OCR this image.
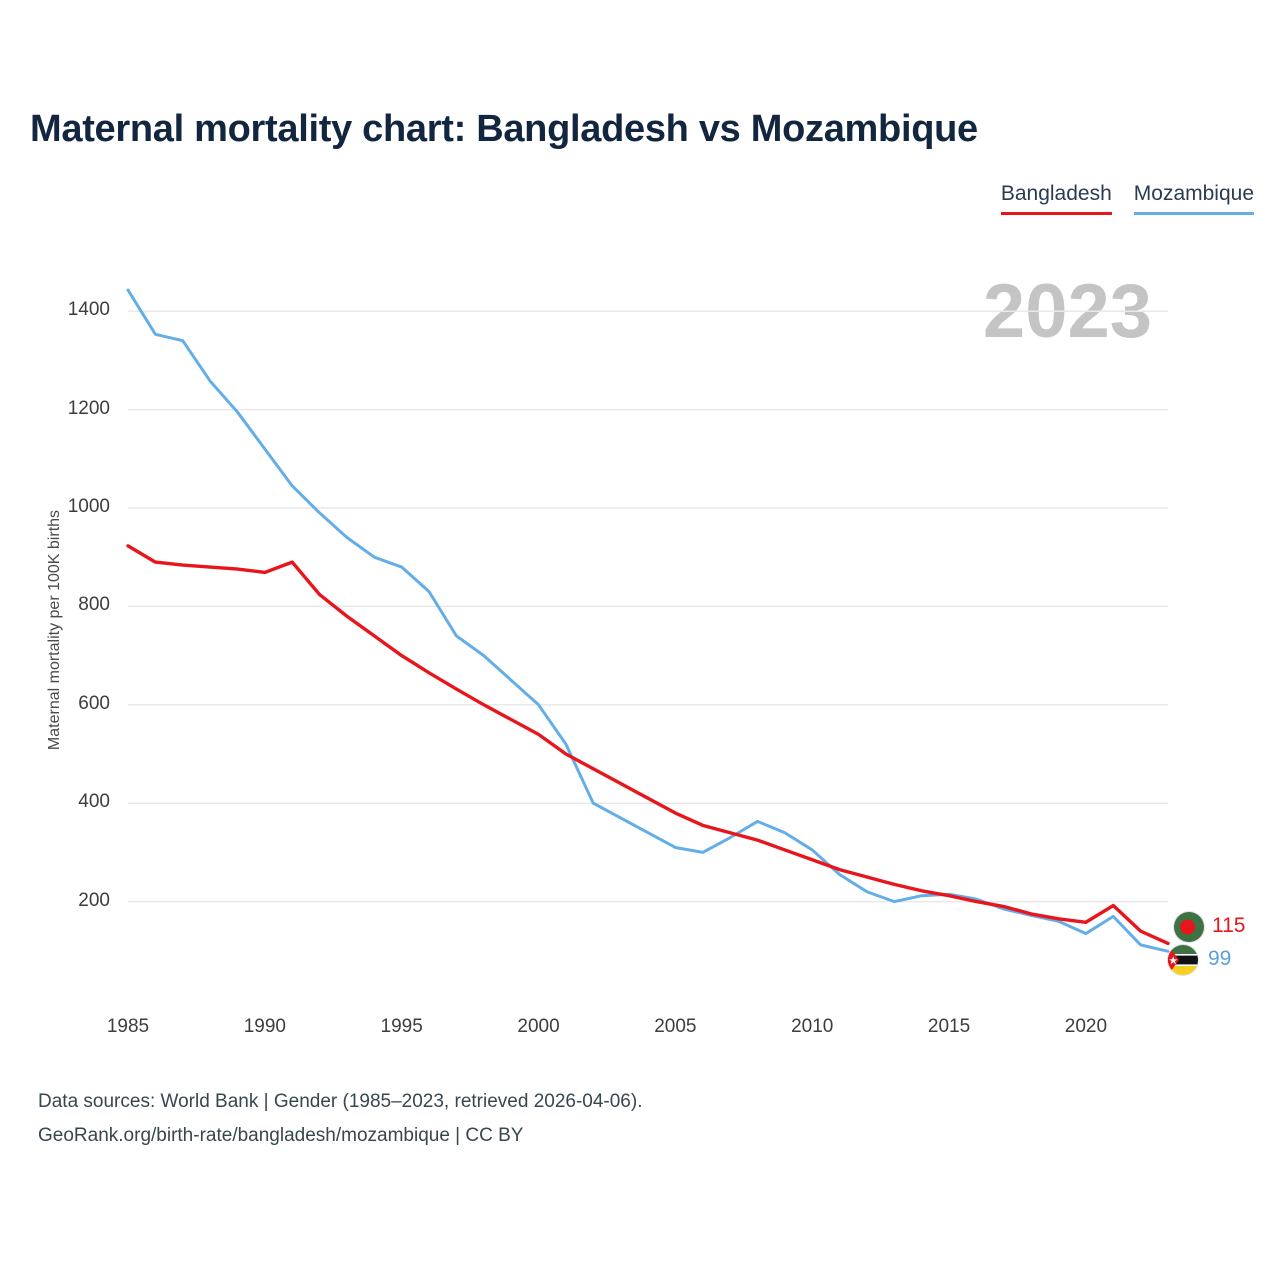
Maternal mortality chart: Bangladesh vs Mozambique
Bangladesh Mozambique
2023
Maternal mortality per 100K births
200
400
600
800
1000
1200
1400
1985	1990	1995	2000	2005	2010	2015	2020
115
99
Data sources: World Bank | Gender (1985–2023, retrieved 2026-04-06).
GeoRank.org/birth-rate/bangladesh/mozambique | CC BY
